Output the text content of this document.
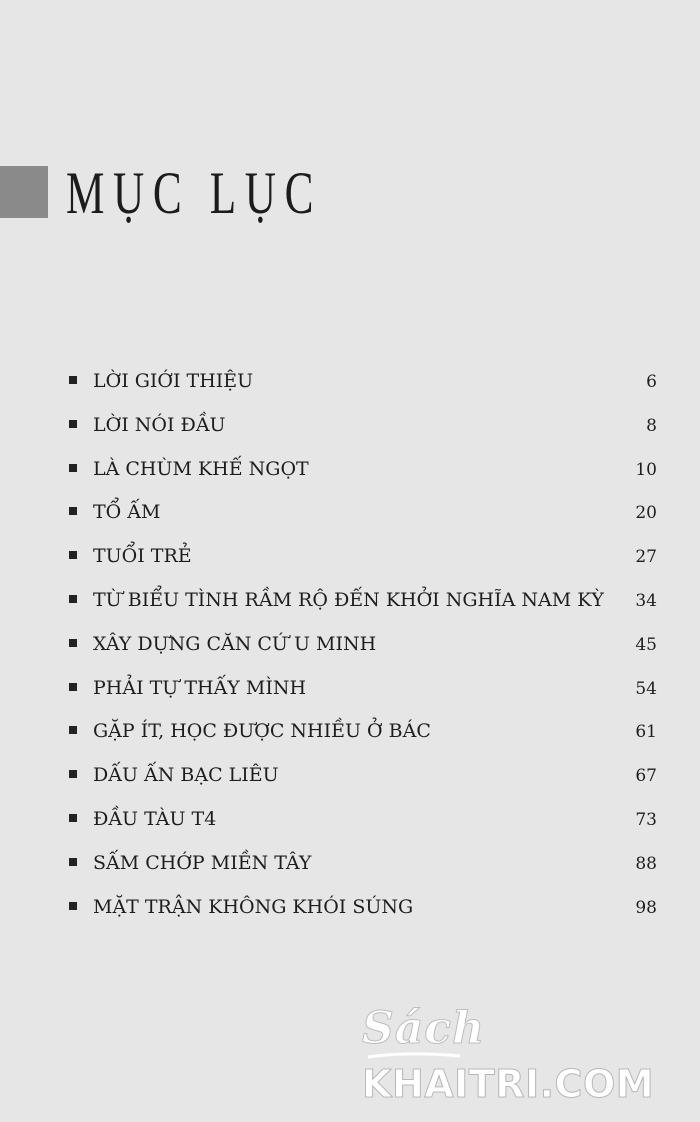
MỤC LỤC
LỜI GIỚI THIỆU	6
LỜI NÓI ĐẦU	8
LÀ CHÙM KHẾ NGỌT	10
TỔ ẤM	20
TUỔI TRẺ	27
TỪ BIỂU TÌNH RẦM RỘ ĐẾN KHỞI NGHĨA NAM KỲ 34
XÂY DỰNG CĂN CỨ U MINH	45
PHẢI TỰ THẤY MÌNH	54
GẶP ÍT, HỌC ĐƯỢC NHIỀU Ở BÁC	61
DẤU ẤN BẠC LIÊU	67
ĐẦU TÀU T4	73
SẤM CHỚP MIỀN TÂY	88
MẶT TRẬN KHÔNG KHÓI SÚNG	98
Sách
KHAITRI.COM
